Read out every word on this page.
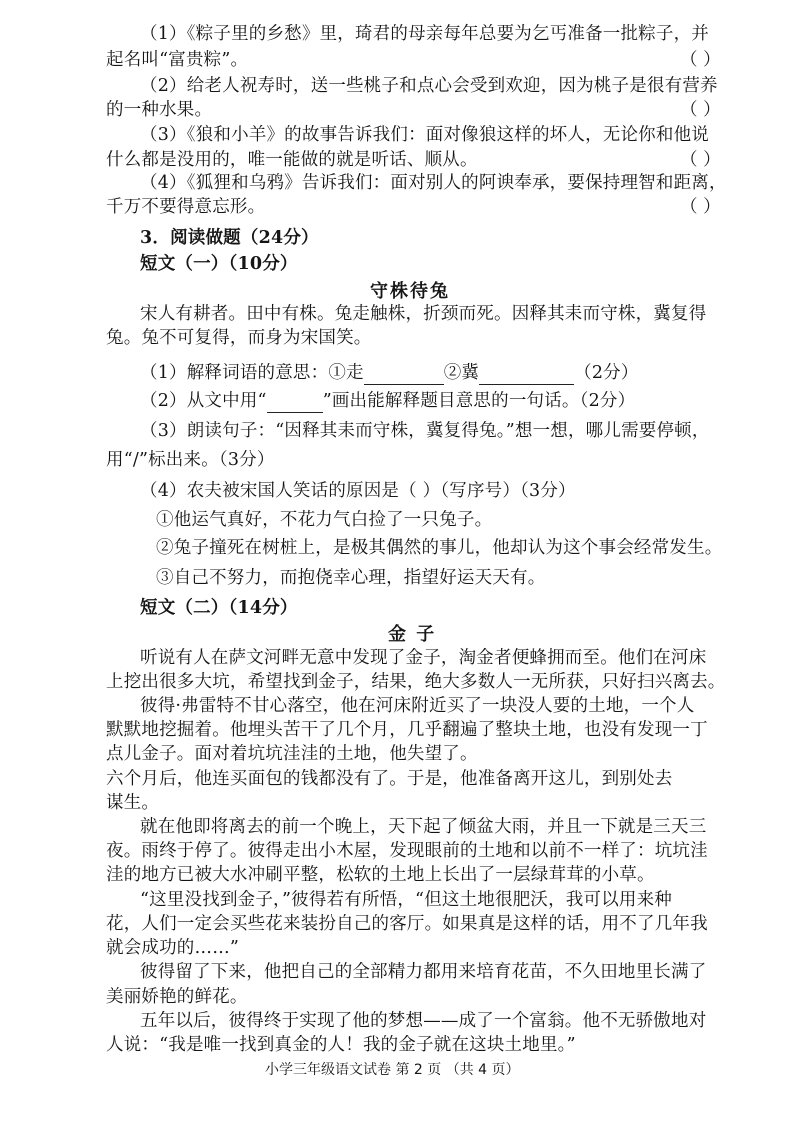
（1）《粽子里的乡愁》里，琦君的母亲每年总要为乞丐准备一批粽子，并
起名叫“富贵粽”。	（ ）
（2）给老人祝寿时，送一些桃子和点心会受到欢迎，因为桃子是很有营养
的一种水果。	（ ）
（3）《狼和小羊》的故事告诉我们：面对像狼这样的坏人，无论你和他说
什么都是没用的，唯一能做的就是听话、顺从。	（ ）
（4）《狐狸和乌鸦》告诉我们：面对别人的阿谀奉承，要保持理智和距离，
千万不要得意忘形。	（ ）
3．阅读做题（24分）
短文（一）（10分）
守株待兔
宋人有耕者。田中有株。兔走触株，折颈而死。因释其耒而守株，冀复得
兔。兔不可复得，而身为宋国笑。
（1）解释词语的意思：①走	②冀	（2分）
（2）从文中用“	”画出能解释题目意思的一句话。（2分）
（3）朗读句子：“因释其耒而守株，冀复得兔。”想一想，哪儿需要停顿，
用“/”标出来。（3分）
（4）农夫被宋国人笑话的原因是（ ）（写序号）（3分）
①他运气真好，不花力气白捡了一只兔子。
②兔子撞死在树桩上，是极其偶然的事儿，他却认为这个事会经常发生。
③自己不努力，而抱侥幸心理，指望好运天天有。
短文（二）（14分）
金 子
听说有人在萨文河畔无意中发现了金子，淘金者便蜂拥而至。他们在河床
上挖出很多大坑，希望找到金子，结果，绝大多数人一无所获，只好扫兴离去。
彼得·弗雷特不甘心落空，他在河床附近买了一块没人要的土地，一个人
默默地挖掘着。他埋头苦干了几个月，几乎翻遍了整块土地，也没有发现一丁
点儿金子。面对着坑坑洼洼的土地，他失望了。
六个月后，他连买面包的钱都没有了。于是，他准备离开这儿，到别处去
谋生。
就在他即将离去的前一个晚上，天下起了倾盆大雨，并且一下就是三天三
夜。雨终于停了。彼得走出小木屋，发现眼前的土地和以前不一样了：坑坑洼
洼的地方已被大水冲刷平整，松软的土地上长出了一层绿茸茸的小草。
“这里没找到金子，”彼得若有所悟，“但这土地很肥沃，我可以用来种
花，人们一定会买些花来装扮自己的客厅。如果真是这样的话，用不了几年我
就会成功的……”
彼得留了下来，他把自己的全部精力都用来培育花苗，不久田地里长满了
美丽娇艳的鲜花。
五年以后，彼得终于实现了他的梦想——成了一个富翁。他不无骄傲地对
人说：“我是唯一找到真金的人！我的金子就在这块土地里。”
小学三年级语文试卷 第 2 页 （共 4 页）
